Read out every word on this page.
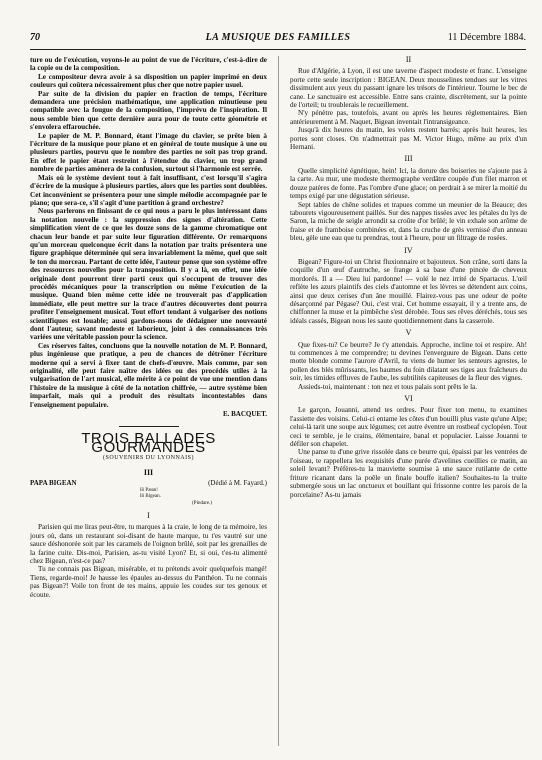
70	LA MUSIQUE DES FAMILLES	11 Décembre 1884.

ture ou de l'exécution, voyons-le au point de vue de l'écriture, c'est-à-dire de la copie ou de la composition.

Le compositeur devra avoir à sa disposition un papier imprimé en deux couleurs qui coûtera nécessairement plus cher que notre papier usuel.

Par suite de la division du papier en fraction de temps, l'écriture demandera une précision mathématique, une application minutieuse peu compatible avec la fougue de la composition, l'imprévu de l'inspiration. Il nous semble bien que cette dernière aura pour de toute cette géométrie et s'envolera effarouchée.

Le papier de M. P. Bonnard, étant l'image du clavier, se prête bien à l'écriture de la musique pour piano et en général de toute musique à une ou plusieurs parties, pourvu que le nombre des parties ne soit pas trop grand. En effet le papier étant restreint à l'étendue du clavier, un trop grand nombre de parties amènera de la confusion, surtout si l'harmonie est serrée.

Mais où le système devient tout à fait insuffisant, c'est lorsqu'il s'agira d'écrire de la musique à plusieurs parties, alors que les parties sont doublées. Cet inconvénient se présentera pour une simple mélodie accompagnée par le piano; que sera-ce, s'il s'agit d'une partition à grand orchestre?

Nous parlerons en finissant de ce qui nous a paru le plus intéressant dans la notation nouvelle : la suppression des signes d'altération. Cette simplification vient de ce que les douze sons de la gamme chromatique ont chacun leur bande et par suite leur figuration différente. Or remarquons qu'un morceau quelconque écrit dans la notation par traits présentera une figure graphique déterminée qui sera invariablement la même, quel que soit le ton du morceau. Partant de cette idée, l'auteur pense que son système offre des ressources nouvelles pour la transposition. Il y a là, en effet, une idée originale dont pourront tirer parti ceux qui s'occupent de trouver des procédés mécaniques pour la transcription ou même l'exécution de la musique. Quand bien même cette idée ne trouverait pas d'application immédiate, elle peut mettre sur la trace d'autres découvertes dont pourra profiter l'enseignement musical. Tout effort tendant à vulgariser des notions scientifiques est louable; aussi gardons-nous de dédaigner une nouveauté dont l'auteur, savant modeste et laborieux, joint à des connaissances très variées une véritable passion pour la science.

Ces réserves faites, concluons que la nouvelle notation de M. P. Bonnard, plus ingénieuse que pratique, a peu de chances de détrôner l'écriture moderne qui a servi à fixer tant de chefs-d'œuvre. Mais comme, par son originalité, elle peut faire naître des idées ou des procédés utiles à la vulgarisation de l'art musical, elle mérite à ce point de vue une mention dans l'histoire de la musique à côté de la notation chiffrée, — autre système bien imparfait, mais qui a produit des résultats incontestables dans l'enseignement populaire.

E. BACQUET.
TROIS BALLADES GOURMANDES
(SOUVENIRS DU LYONNAIS)
III
PAPA BIGEAN	(Dédié à M. Fayard.)
Iô Pæan!
Iô Bigean.
(Pindare.)
I

Parisien qui me liras peut-être, tu marques à la craie, le long de ta mémoire, les jours où, dans un restaurant soi-disant de haute marque, tu t'es vautré sur une sauce déshonorée soit par les caramels de l'oignon brûlé, soit par les grenailles de la farine cuite. Dis-moi, Parisien, as-tu visité Lyon? Et, si oui, t'es-tu alimenté chez Bigean, n'est-ce pas?

Tu ne connais pas Bigean, misérable, et tu prétends avoir quelquefois mangé! Tiens, regarde-moi! Je hausse les épaules au-dessus du Panthéon. Tu ne connais pas Bigean?! Voile ton front de tes mains, appuie les coudes sur tes genoux et écoute.

II

Rue d'Algérie, à Lyon, il est une taverne d'aspect modeste et franc. L'enseigne porte cette seule inscription : BIGEAN. Deux mousselines tendues sur les vitres dissimulent aux yeux du passant ignare les trésors de l'intérieur. Tourne le bec de cane. Le sanctuaire est accessible. Entre sans crainte, discrètement, sur la pointe de l'orteil; tu troublerais le recueillement.

N'y pénètre pas, toutefois, avant ou après les heures réglementaires. Bien antérieurement à M. Naquet, Bigean inventait l'intransigeance.

Jusqu'à dix heures du matin, les volets restent barrés; après huit heures, les portes sont closes. On n'admettrait pas M. Victor Hugo, même au prix d'un Hernani.

III

Quelle simplicité égnétique, hein! Ici, la dorure des boiseries ne s'ajoute pas à la carte. Au mur, une modeste thermographe verdâtre coupée d'un filet marron et douze patères de fonte. Pas l'ombre d'une glace; on perdrait à se mirer la moitié du temps exigé par une dégustation sérieuse.

Sept tables de chêne solides et trapues comme un meunier de la Beauce; des tabourets vigoureusement paillés. Sur des nappes tissées avec les pétales du lys de Saron, la miche de seigle arrondit sa croûte d'or brûlé; le vin exhale son arôme de fraise et de framboise combinées et, dans la cruche de grès vernissé d'un anneau bleu, gèle une eau que tu prendras, tout à l'heure, pour un filtrage de rosées.

IV

Bigean? Figure-toi un Christ fluxionnaire et bajouteux. Son crâne, sorti dans la coquille d'un œuf d'autruche, se frange à sa base d'une pincée de cheveux mordorés. Il a — Dieu lui pardonne! — volé le nez irrité de Spartacus. L'œil reflète les azurs plaintifs des ciels d'automne et les lèvres se détendent aux coins, ainsi que deux cerises d'un âne mouillé. Flairez-vous pas une odeur de poète désarçonné par Pégase? Oui, c'est vrai. Cet homme essayait, il y a trente ans, de chiffonner la muse et la pimbêche s'est dérobée. Tous ses rêves déréchés, tous ses idéals cassés, Bigean nous les saute quotidiennement dans la casserole.

V

Que fixes-tu? Ce beurre? Je t'y attendais. Approche, incline toi et respire. Ah! tu commences à me comprendre; tu devines l'enverguure de Bigean. Dans cette motte blonde comme l'aurore d'Avril, tu viens de humer les senteurs agrestes, le pollen des blés mûrissants, les baumes du foin dilatant ses tiges aux fraîcheurs du soir, les timides effluves de l'aube, les subtilités capiteuses de la fleur des vignes.

Assieds-toi, maintenant : ton nez et tous palais sont prêts le la.

VI

Le garçon, Jouanni, attend tes ordres. Pour fixer ton menu, tu examines l'assiette des voisins. Celui-ci entame les côtes d'un bouilli plus vaste qu'une Alpe; celui-là tarit une soupe aux légumes; cet autre éventre un rostbeaf cyclopéen. Tout ceci te semble, je le crains, élémentaire, banal et populacier. Laisse Jouanni te défiler son chapelet.

Une panse tu d'une grive rissolée dans ce beurre qui, épaissi par les ventrées de l'oiseau, te rappellera les exquisités d'une purée d'avelines cueillies ce matin, au soleil levant? Préfères-tu la mauviette soumise à une sauce rutilante de cette friture ricanant dans la poêle un finale bouffe italien? Souhaites-tu la truite submergée sous un lac onctueux et bouillant qui frissonne contre les parois de la porcelaine? As-tu jamais
